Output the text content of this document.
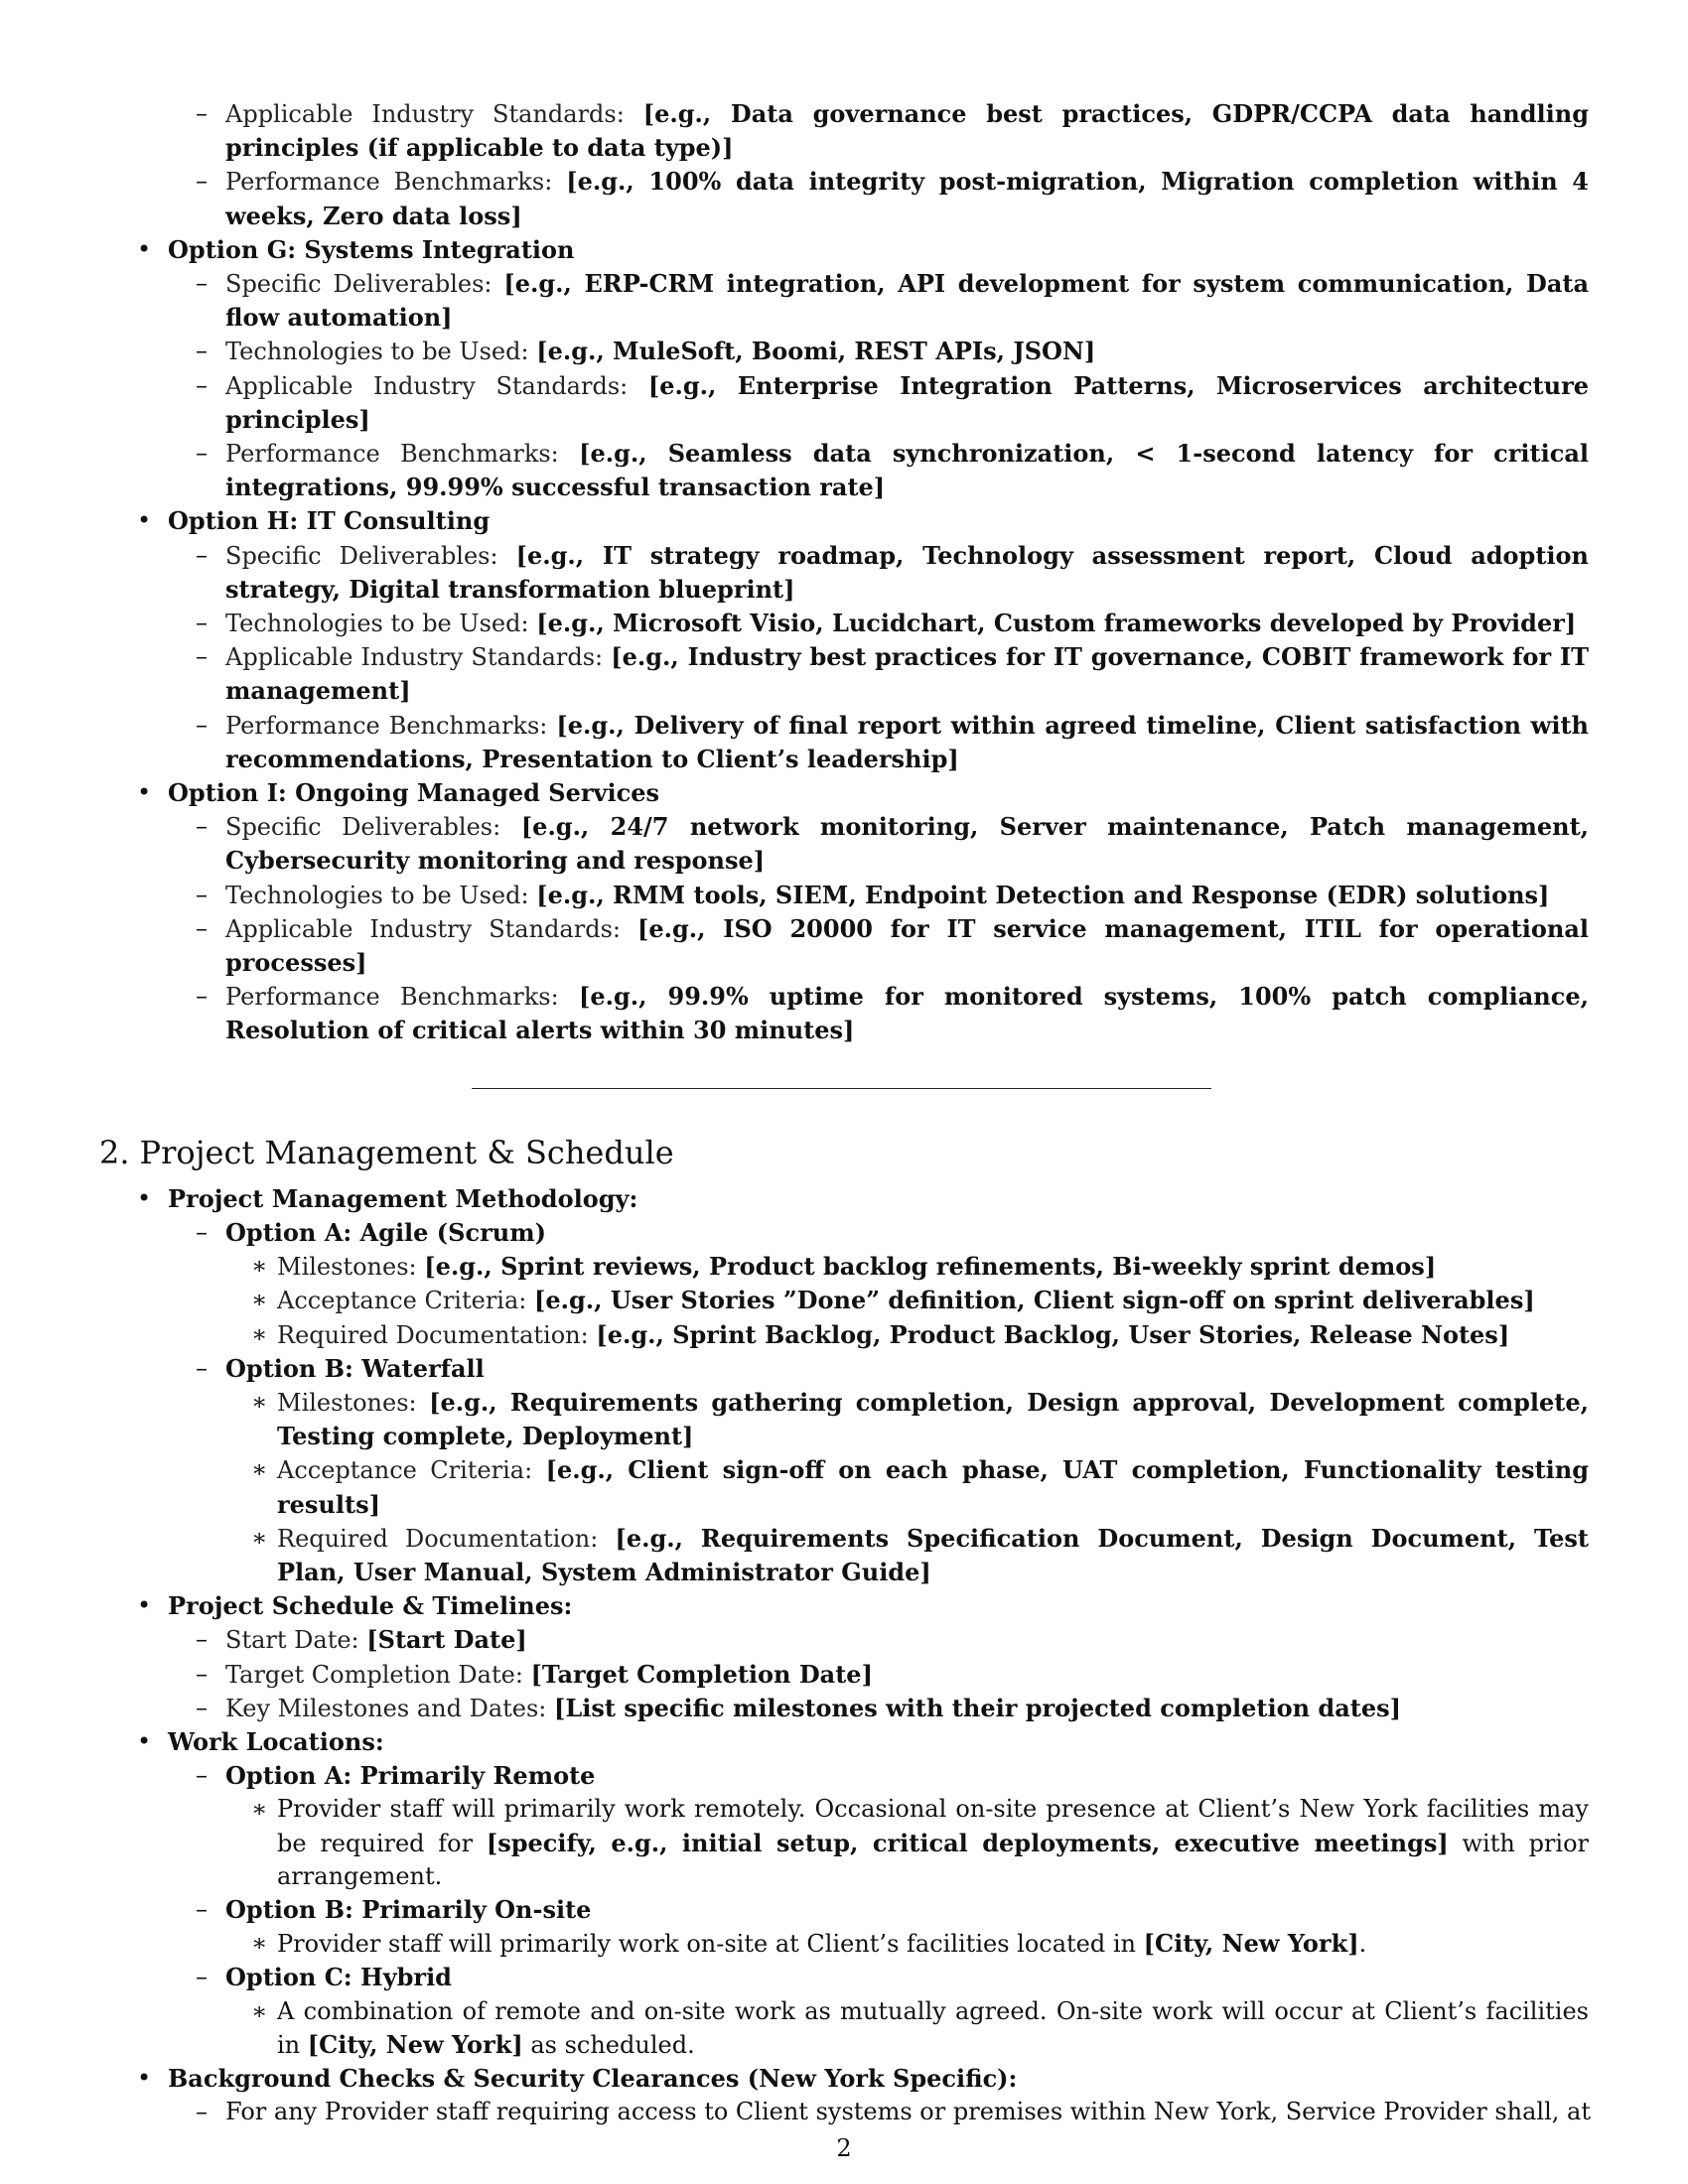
– Applicable Industry Standards: [e.g., Data governance best practices, GDPR/CCPA data handling principles (if applicable to data type)]
– Performance Benchmarks: [e.g., 100% data integrity post-migration, Migration completion within 4 weeks, Zero data loss]
• Option G: Systems Integration
– Specific Deliverables: [e.g., ERP-CRM integration, API development for system communication, Data flow automation]
– Technologies to be Used: [e.g., MuleSoft, Boomi, REST APIs, JSON]
– Applicable Industry Standards: [e.g., Enterprise Integration Patterns, Microservices architecture principles]
– Performance Benchmarks: [e.g., Seamless data synchronization, < 1-second latency for critical integrations, 99.99% successful transaction rate]
• Option H: IT Consulting
– Specific Deliverables: [e.g., IT strategy roadmap, Technology assessment report, Cloud adoption strategy, Digital transformation blueprint]
– Technologies to be Used: [e.g., Microsoft Visio, Lucidchart, Custom frameworks developed by Provider]
– Applicable Industry Standards: [e.g., Industry best practices for IT governance, COBIT framework for IT management]
– Performance Benchmarks: [e.g., Delivery of final report within agreed timeline, Client satisfaction with recommendations, Presentation to Client’s leadership]
• Option I: Ongoing Managed Services
– Specific Deliverables: [e.g., 24/7 network monitoring, Server maintenance, Patch management, Cybersecurity monitoring and response]
– Technologies to be Used: [e.g., RMM tools, SIEM, Endpoint Detection and Response (EDR) solutions]
– Applicable Industry Standards: [e.g., ISO 20000 for IT service management, ITIL for operational processes]
– Performance Benchmarks: [e.g., 99.9% uptime for monitored systems, 100% patch compliance, Resolution of critical alerts within 30 minutes]
2. Project Management & Schedule
• Project Management Methodology:
– Option A: Agile (Scrum)
∗ Milestones: [e.g., Sprint reviews, Product backlog refinements, Bi-weekly sprint demos]
∗ Acceptance Criteria: [e.g., User Stories ”Done” definition, Client sign-off on sprint deliverables]
∗ Required Documentation: [e.g., Sprint Backlog, Product Backlog, User Stories, Release Notes]
– Option B: Waterfall
∗ Milestones: [e.g., Requirements gathering completion, Design approval, Development complete, Testing complete, Deployment]
∗ Acceptance Criteria: [e.g., Client sign-off on each phase, UAT completion, Functionality testing results]
∗ Required Documentation: [e.g., Requirements Specification Document, Design Document, Test Plan, User Manual, System Administrator Guide]
• Project Schedule & Timelines:
– Start Date: [Start Date]
– Target Completion Date: [Target Completion Date]
– Key Milestones and Dates: [List specific milestones with their projected completion dates]
• Work Locations:
– Option A: Primarily Remote
∗ Provider staff will primarily work remotely. Occasional on-site presence at Client’s New York facilities may be required for [specify, e.g., initial setup, critical deployments, executive meetings] with prior arrangement.
– Option B: Primarily On-site
∗ Provider staff will primarily work on-site at Client’s facilities located in [City, New York].
– Option C: Hybrid
∗ A combination of remote and on-site work as mutually agreed. On-site work will occur at Client’s facilities in [City, New York] as scheduled.
• Background Checks & Security Clearances (New York Specific):
– For any Provider staff requiring access to Client systems or premises within New York, Service Provider shall, at
2
